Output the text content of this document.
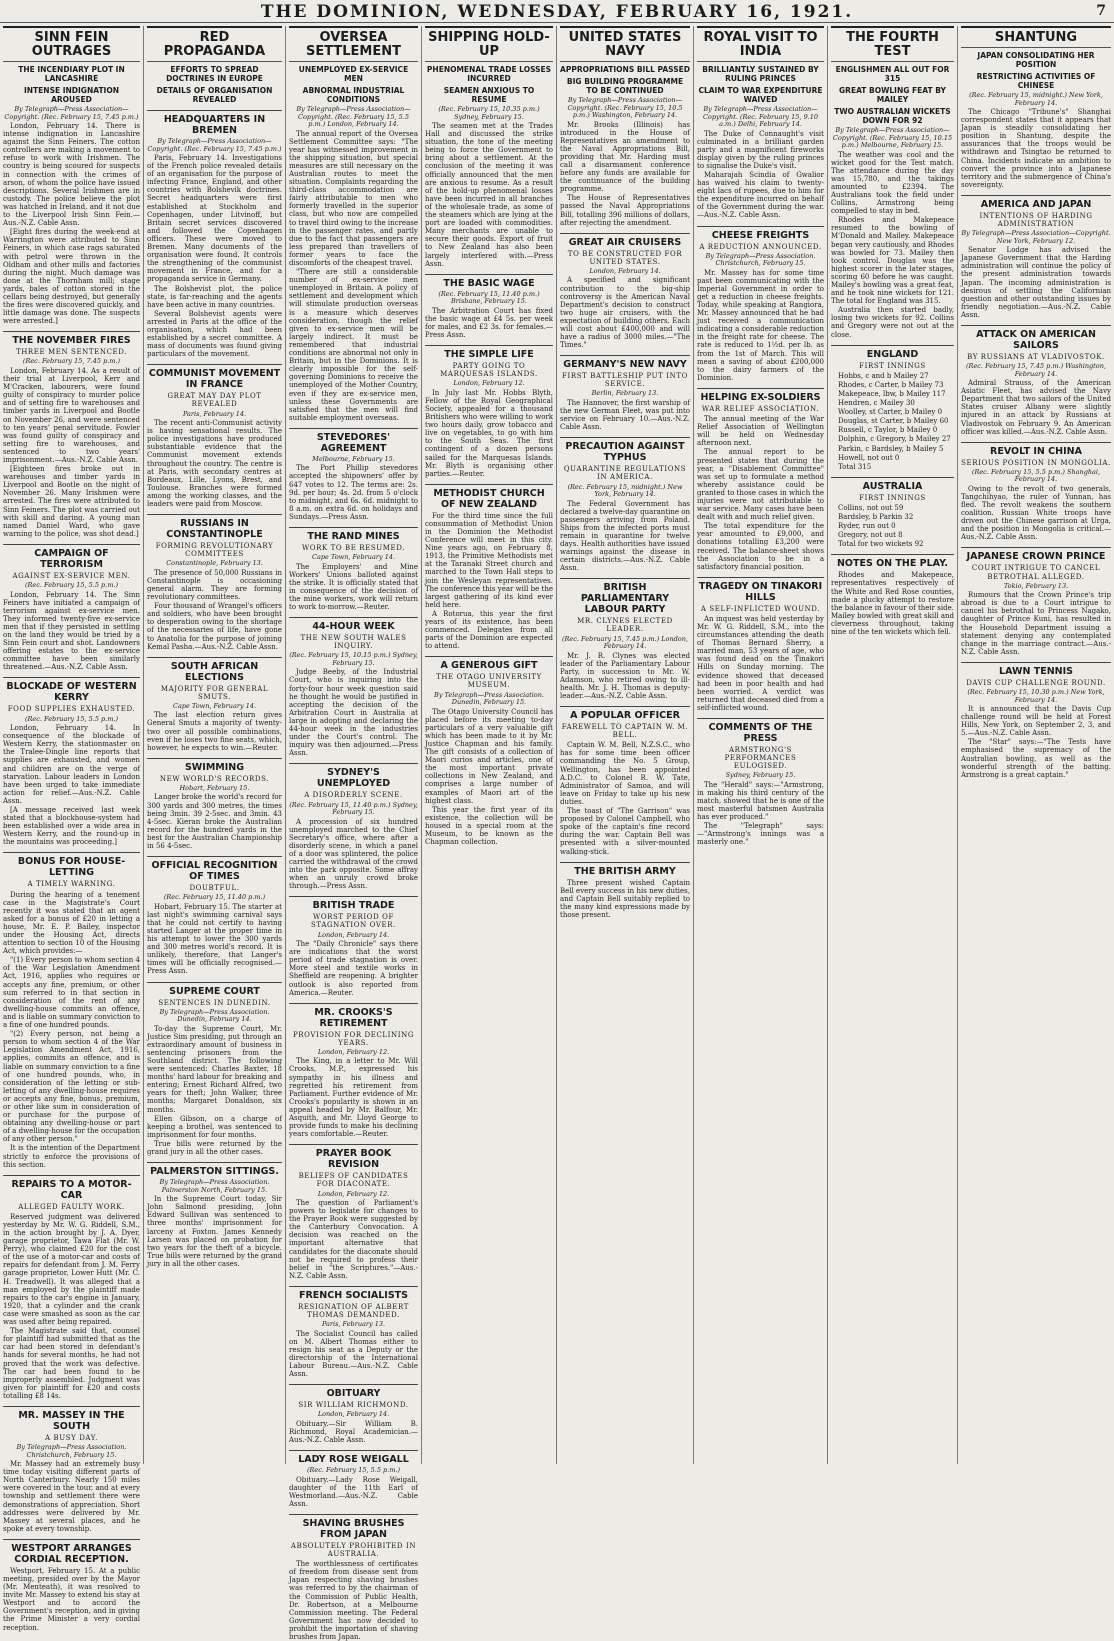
THE DOMINION, WEDNESDAY, FEBRUARY 16, 1921.	7
SINN FEIN OUTRAGES
THE INCENDIARY PLOT IN LANCASHIRE
INTENSE INDIGNATION AROUSED
By Telegraph—Press Association—Copyright. (Rec. February 15, 7.45 p.m.)

London, February 14. There is intense indignation in Lancashire against the Sinn Feiners. The cotton controllers are making a movement to refuse to work with Irishmen. The country is being scoured for suspects in connection with the crimes of arson, of whom the police have issued descriptions. Several Irishmen are in custody. The police believe the plot was hatched in Ireland, and it not due to the Liverpool Irish Sinn Fein.—Aus.-N.Z. Cable Assn.

[Eight fires during the week-end at Warrington were attributed to Sinn Feiners, in which case rags saturated with petrol were thrown in the Oldham and other mills and factories during the night. Much damage was done at the Thornham mill; stage yards, bales of cotton stored in the cellars being destroyed, but generally the fires were discovered quickly, and little damage was done. The suspects were arrested.]

THE NOVEMBER FIRES
THREE MEN SENTENCED.
(Rec. February 15, 7.45 p.m.)

London, February 14. As a result of their trial at Liverpool, Kerr and M'Cracken, labourers, were found guilty of conspiracy to murder police and of setting fire to warehouses and timber yards in Liverpool and Bootle on November 26, and were sentenced to ten years' penal servitude. Fowler was found guilty of conspiracy and setting fire to warehouses, and sentenced to two years' imprisonment.—Aus.-N.Z. Cable Assn.

[Eighteen fires broke out in warehouses and timber yards in Liverpool and Bootle on the night of November 26. Many Irishmen were arrested. The fires were attributed to Sinn Feiners. The plot was carried out with skill and daring. A young man named Daniel Ward, who gave warning to the police, was shot dead.]

CAMPAIGN OF TERRORISM
AGAINST EX-SERVICE MEN.
(Rec. February 15, 5.5 p.m.)

London, February 14. The Sinn Feiners have initiated a campaign of terrorism against ex-service men. They informed twenty-five ex-service men that if they persisted in settling on the land they would be tried by a Sinn Fein court and shot. Landowners offering estates to the ex-service committee have been similarly threatened.—Aus.-N.Z. Cable Assn.

BLOCKADE OF WESTERN KERRY
FOOD SUPPLIES EXHAUSTED.
(Rec. February 15, 5.5 p.m.)

London, February 14. In consequence of the blockade of Western Kerry, the stationmaster on the Tralee-Dingle line reports that supplies are exhausted, and women and children are on the verge of starvation. Labour leaders in London have been urged to take immediate action for relief.—Aus.-N.Z. Cable Assn.

[A message received last week stated that a blockhouse-system had been established over a wide area in Western Kerry, and the round-up in the mountains was proceeding.]

BONUS FOR HOUSE-LETTING
A TIMELY WARNING.

During the hearing of a tenement case in the Magistrate's Court recently it was stated that an agent asked for a bonus of £20 in letting a house, Mr. E. P. Bailey, inspector under the Housing Act, directs attention to section 10 of the Housing Act, which provides:—

"(1) Every person to whom section 4 of the War Legislation Amendment Act, 1916, applies who requires or accepts any fine, premium, or other sum referred to in that section in consideration of the rent of any dwelling-house commits an offence, and is liable on summary conviction to a fine of one hundred pounds.

"(2) Every person, not being a person to whom section 4 of the War Legislation Amendment Act, 1916, applies, commits an offence, and is liable on summary conviction to a fine of one hundred pounds, who, in consideration of the letting or sub-letting of any dwelling-house requires or accepts any fine, bonus, premium, or other like sum in consideration of or purchase for the purpose of obtaining any dwelling-house or part of a dwelling-house for the occupation of any other person."

It is the intention of the Department strictly to enforce the provisions of this section.

REPAIRS TO A MOTOR-CAR
ALLEGED FAULTY WORK.

Reserved judgment was delivered yesterday by Mr. W. G. Riddell, S.M., in the action brought by J. A. Dyer, garage proprietor, Tawa Flat (Mr. W. Perry), who claimed £20 for the cost of the use of a motor-car and costs of repairs for defendant from J. M. Ferry garage proprietor, Lower Hutt (Mr. C. H. Treadwell). It was alleged that a man employed by the plaintiff made repairs to the car's engine in January, 1920, that a cylinder and the crank case were smashed as soon as the car was used after being repaired.

The Magistrate said that, counsel for plaintiff had submitted that as the car had been stored in defendant's hands for several months, he had not proved that the work was defective. The car had been found to be improperly assembled. Judgment was given for plaintiff for £20 and costs totalling £8 14s.

MR. MASSEY IN THE SOUTH
A BUSY DAY.
By Telegraph—Press Association. Christchurch, February 15.

Mr. Massey had an extremely busy time today visiting different parts of North Canterbury. Nearly 150 miles were covered in the tour, and at every township and settlement there were demonstrations of appreciation. Short addresses were delivered by Mr. Massey at several places, and he spoke at every township.

WESTPORT ARRANGES CORDIAL RECEPTION.

Westport, February 15. At a public meeting, presided over by the Mayor (Mr. Menteath), it was resolved to invite Mr. Massey to extend his stay at Westport and to accord the Government's reception, and in giving the Prime Minister a very cordial reception.

RED PROPAGANDA
EFFORTS TO SPREAD DOCTRINES IN EUROPE
DETAILS OF ORGANISATION REVEALED
HEADQUARTERS IN BREMEN
By Telegraph—Press Association—Copyright. (Rec. February 15, 7.45 p.m.)

Paris, February 14. Investigations of the French police revealed details of an organisation for the purpose of infecting France, England, and other countries with Bolshevik doctrines. Secret headquarters were first established at Stockholm and Copenhagen, under Litvinoff, but Britain secret services discovered and followed the Copenhagen officers. These were moved to Bremen. Many documents of the organisation were found. It controls the strengthening of the communist movement in France, and for a propaganda service in Germany.

The Bolshevist plot, the police state, is far-reaching and the agents have been active in many countries.

Several Bolshevist agents were arrested in Paris at the office of the organisation, which had been established by a secret committee. A mass of documents was found giving particulars of the movement.

COMMUNIST MOVEMENT IN FRANCE
GREAT MAY DAY PLOT REVEALED
Paris, February 14.

The recent anti-Communist activity is having sensational results. The police investigations have produced substantiable evidence that the Communist movement extends throughout the country. The centre is at Paris, with secondary centres at Bordeaux, Lille, Lyons, Brest, and Toulouse. Branches were formed among the working classes, and the leaders were paid from Moscow.

RUSSIANS IN CONSTANTINOPLE
FORMING REVOLUTIONARY COMMITTEES
Constantinople, February 13.

The presence of 50,000 Russians in Constantinople is occasioning general alarm. They are forming revolutionary committees.

Four thousand of Wrangel's officers and soldiers, who have been brought to desperation owing to the shortage of the necessaries of life, have gone to Anatolia for the purpose of joining Kemal Pasha.—Aus.-N.Z. Cable Assn.

SOUTH AFRICAN ELECTIONS
MAJORITY FOR GENERAL SMUTS.
Cape Town, February 14.

The last election return gives General Smuts a majority of twenty-two over all possible combinations, even if he loses two fine seats, which, however, he expects to win.—Reuter.

SWIMMING
NEW WORLD'S RECORDS.
Hobart, February 15.

Langer broke the world's record for 300 yards and 300 metres, the times being 3min. 39 2-5sec. and 3min. 43 4-5sec. Kieran broke the Australian record for the hundred yards in the best for the Australian Championship in 56 4-5sec.

OFFICIAL RECOGNITION OF TIMES
DOUBTFUL.
(Rec. February 15, 11.40 p.m.)

Hobart, February 15. The starter at last night's swimming carnival says that he could not certify to having started Langer at the proper time in his attempt to lower the 300 yards and 300 metres world's record. It is unlikely, therefore, that Langer's times will be officially recognised.—Press Assn.

SUPREME COURT
SENTENCES IN DUNEDIN.
By Telegraph—Press Association. Dunedin, February 14.

To-day the Supreme Court, Mr. Justice Sim presiding, put through an extraordinary amount of business in sentencing prisoners from the Southland district. The following were sentenced: Charles Baxter, 18 months' hard labour for breaking and entering; Ernest Richard Alfred, two years for theft; John Walker, three months; Margaret Donaldson, six months.

Ellen Gibson, on a charge of keeping a brothel, was sentenced to imprisonment for four months.

True bills were returned by the grand jury in all the other cases.

PALMERSTON SITTINGS.
By Telegraph—Press Association. Palmerston North, February 15.

In the Supreme Court today, Sir John Salmond presiding, John Edward Sullivan was sentenced to three months' imprisonment for larceny at Foxton. James Kennedy Larsen was placed on probation for two years for the theft of a bicycle. True bills were returned by the grand jury in all the other cases.

OVERSEA SETTLEMENT
UNEMPLOYED EX-SERVICE MEN
ABNORMAL INDUSTRIAL CONDITIONS
By Telegraph—Press Association—Copyright. (Rec. February 15, 5.5 p.m.) London, February 14.

The annual report of the Oversea Settlement Committee says: "The year has witnessed improvement in the shipping situation, but special measures are still necessary on the Australian routes to meet the situation. Complaints regarding the third-class accommodation are fairly attributable to men who formerly travelled in the superior class, but who now are compelled to travel third owing to the increase in the passenger rates, and partly due to the fact that passengers are less prepared than travellers of former years to face the discomforts of the cheapest travel.

"There are still a considerable number of ex-service men unemployed in Britain. A policy of settlement and development which will stimulate production overseas is a measure which deserves consideration, though the relief given to ex-service men will be largely indirect. It must be remembered that industrial conditions are abnormal not only in Britain, but in the Dominions. It is clearly impossible for the self-governing Dominions to receive the unemployed of the Mother Country, even if they are ex-service men, unless these Governments are satisfied that the men will find suitable employment overseas.

STEVEDORES' AGREEMENT
Melbourne, February 15.

The Port Phillip stevedores accepted the shipowners' offer by 647 votes to 12. The terms are: 2s. 9d. per hour; 4s. 2d. from 5 o'clock to midnight, and 6s. 6d. midnight to 8 a.m. on extra 6d. on holidays and Sundays.—Press Assn.

THE RAND MINES
WORK TO BE RESUMED.
Cape Town, February 14.

The Employers' and Mine Workers' Unions balloted against the strike. It is officially stated that in consequence of the decision of the mine workers, work will return to work to-morrow.—Reuter.

44-HOUR WEEK
THE NEW SOUTH WALES INQUIRY.
(Rec. February 15, 10.15 p.m.) Sydney, February 15.

Judge Beeby, of the Industrial Court, who is inquiring into the forty-four hour week question said he thought he would be justified in accepting the decision of the Arbitration Court in Australia at large in adopting and declaring the 44-hour week in the industries under the Court's control. The inquiry was then adjourned.—Press Assn.

SYDNEY'S UNEMPLOYED
A DISORDERLY SCENE.
(Rec. February 15, 11.40 p.m.) Sydney, February 15.

A procession of six hundred unemployed marched to the Chief Secretary's office, where after a disorderly scene, in which a panel of a door was splintered, the police carried the withdrawal of the crowd into the park opposite. Some affray when an unruly crowd broke through.—Press Assn.

BRITISH TRADE
WORST PERIOD OF STAGNATION OVER.
London, February 14.

The "Daily Chronicle" says there are indications that the worst period of trade stagnation is over. More steel and textile works in Sheffield are reopening. A brighter outlook is also reported from America.—Reuter.

MR. CROOKS'S RETIREMENT
PROVISION FOR DECLINING YEARS.
London, February 12.

The King, in a letter to Mr. Will Crooks, M.P., expressed his sympathy in his illness and regretted his retirement from Parliament. Further evidence of Mr. Crooks's popularity is shown in an appeal headed by Mr. Balfour, Mr. Asquith, and Mr. Lloyd George to provide funds to make his declining years comfortable.—Reuter.

PRAYER BOOK REVISION
BELIEFS OF CANDIDATES FOR DIACONATE.
London, February 12.

The question of Parliament's powers to legislate for changes to the Prayer Book were suggested by the Canterbury Convocation. A decision was reached on the important alternative that candidates for the diaconate should not be required to profess their belief in "the Scriptures."—Aus.-N.Z. Cable Assn.

FRENCH SOCIALISTS
RESIGNATION OF ALBERT THOMAS DEMANDED.
Paris, February 13.

The Socialist Council has called on M. Albert Thomas either to resign his seat as a Deputy or the directorship of the International Labour Bureau.—Aus.-N.Z. Cable Assn.

OBITUARY
SIR WILLIAM RICHMOND.
London, February 14.

Obituary.—Sir William B. Richmond, Royal Academician.—Aus.-N.Z. Cable Assn.

LADY ROSE WEIGALL
(Rec. February 15, 5.5 p.m.)

Obituary.—Lady Rose Weigall, daughter of the 11th Earl of Westmorland.—Aus.-N.Z. Cable Assn.

SHAVING BRUSHES FROM JAPAN
ABSOLUTELY PROHIBITED IN AUSTRALIA.

The worthlessness of certificates of freedom from disease sent from Japan respecting shaving brushes was referred to by the chairman of the Commission of Public Health, Dr. Robertson, at a Melbourne Commission meeting. The Federal Government has now decided to prohibit the importation of shaving brushes from Japan.

SHIPPING HOLD-UP
PHENOMENAL TRADE LOSSES INCURRED
SEAMEN ANXIOUS TO RESUME
(Rec. February 15, 10.35 p.m.) Sydney, February 15.

The seamen met at the Trades Hall and discussed the strike situation, the tone of the meeting being to force the Government to bring about a settlement. At the conclusion of the meeting it was officially announced that the men are anxious to resume. As a result of the hold-up phenomenal losses have been incurred in all branches of the wholesale trade, as some of the steamers which are lying at the port are loaded with commodities. Many merchants are unable to secure their goods. Export of fruit to New Zealand has also been largely interfered with.—Press Assn.

THE BASIC WAGE
(Rec. February 15, 11.40 p.m.) Brisbane, February 15.

The Arbitration Court has fixed the basic wage at £4 5s. per week for males, and £2 3s. for females.—Press Assn.

THE SIMPLE LIFE
PARTY GOING TO MARQUESAS ISLANDS.
London, February 12.

In July last Mr. Hobbs Blyth, Fellow of the Royal Geographical Society, appealed for a thousand Britishers who were willing to work two hours daily, grow tobacco and live on vegetables, to go with him to the South Seas. The first contingent of a dozen persons sailed for the Marquesas Islands. Mr. Blyth is organising other parties.—Reuter.

METHODIST CHURCH OF NEW ZEALAND

For the third time since the full consummation of Methodist Union in the Dominion the Methodist Conference will meet in this city. Nine years ago, on February 8, 1913, the Primitive Methodists met at the Taranaki Street church and marched to the Town Hall steps to join the Wesleyan representatives. The conference this year will be the largest gathering of its kind ever held here.

A Rotorua, this year the first years of its existence, has been commenced. Delegates from all parts of the Dominion are expected to attend.

A GENEROUS GIFT
THE OTAGO UNIVERSITY MUSEUM.
By Telegraph—Press Association. Dunedin, February 15.

The Otago University Council has placed before its meeting to-day particulars of a very valuable gift which has been made to it by Mr. Justice Chapman and his family. The gift consists of a collection of Maori curios and articles, one of the most important private collections in New Zealand, and comprises a large number of examples of Maori art of the highest class.

This year the first year of its existence, the collection will be housed in a special room at the Museum, to be known as the Chapman collection.

UNITED STATES NAVY
APPROPRIATIONS BILL PASSED
BIG BUILDING PROGRAMME TO BE CONTINUED
By Telegraph—Press Association—Copyright. (Rec. February 15, 10.5 p.m.) Washington, February 14.

Mr. Brooks (Illinois) has introduced in the House of Representatives an amendment to the Naval Appropriations Bill, providing that Mr. Harding must call a disarmament conference before any funds are available for the continuance of the building programme.

The House of Representatives passed the Naval Appropriations Bill, totalling 396 millions of dollars, after rejecting the amendment.

GREAT AIR CRUISERS
TO BE CONSTRUCTED FOR UNITED STATES.
London, February 14.

A specified and significant contribution to the big-ship controversy is the American Naval Department's decision to construct two huge air cruisers, with the expectation of building others. Each will cost about £400,000 and will have a radius of 3000 miles.—"The Times."

GERMANY'S NEW NAVY
FIRST BATTLESHIP PUT INTO SERVICE.
Berlin, February 13.

The Hannover, the first warship of the new German Fleet, was put into service on February 10.—Aus.-N.Z. Cable Assn.

PRECAUTION AGAINST TYPHUS
QUARANTINE REGULATIONS IN AMERICA.
(Rec. February 15, midnight.) New York, February 14.

The Federal Government has declared a twelve-day quarantine on passengers arriving from Poland. Ships from the infected ports must remain in quarantine for twelve days. Health authorities have issued warnings against the disease in certain districts.—Aus.-N.Z. Cable Assn.

BRITISH PARLIAMENTARY LABOUR PARTY
MR. CLYNES ELECTED LEADER.
(Rec. February 15, 7.45 p.m.) London, February 14.

Mr. J. R. Clynes was elected leader of the Parliamentary Labour Party, in succession to Mr. W. Adamson, who retired owing to ill-health. Mr. J. H. Thomas is deputy-leader.—Aus.-N.Z. Cable Assn.

A POPULAR OFFICER
FAREWELL TO CAPTAIN W. M. BELL.

Captain W. M. Bell, N.Z.S.C., who has for some time been officer commanding the No. 5 Group, Wellington, has been appointed A.D.C. to Colonel R. W. Tate, Administrator of Samoa, and will leave on Friday to take up his new duties.

The toast of "The Garrison" was proposed by Colonel Campbell, who spoke of the captain's fine record during the war. Captain Bell was presented with a silver-mounted walking-stick.

THE BRITISH ARMY

Three present wished Captain Bell every success in his new duties, and Captain Bell suitably replied to the many kind expressions made by those present.

ROYAL VISIT TO INDIA
BRILLIANTLY SUSTAINED BY RULING PRINCES
CLAIM TO WAR EXPENDITURE WAIVED
By Telegraph—Press Association—Copyright. (Rec. February 15, 9.10 a.m.) Delhi, February 14.

The Duke of Connaught's visit culminated in a brilliant garden party and a magnificent fireworks display given by the ruling princes to signalise the Duke's visit.

Maharajah Scindia of Gwalior has waived his claim to twenty-eight lacs of rupees, due to him for the expenditure incurred on behalf of the Government during the war.—Aus.-N.Z. Cable Assn.

CHEESE FREIGHTS
A REDUCTION ANNOUNCED.
By Telegraph—Press Association. Christchurch, February 15.

Mr. Massey has for some time past been communicating with the Imperial Government in order to get a reduction in cheese freights. Today, while speaking at Rangiora, Mr. Massey announced that he had just received a communication indicating a considerable reduction in the freight rate for cheese. The rate is reduced to 1½d. per lb. as from the 1st of March. This will mean a saving of about £200,000 to the dairy farmers of the Dominion.

HELPING EX-SOLDIERS
WAR RELIEF ASSOCIATION.

The annual meeting of the War Relief Association of Wellington will be held on Wednesday afternoon next.

The annual report to be presented states that during the year, a "Disablement Committee" was set up to formulate a method whereby assistance could be granted to those cases in which the injuries were not attributable to war service. Many cases have been dealt with and much relief given.

The total expenditure for the year amounted to £9,000, and donations totalling £3,200 were received. The balance-sheet shows the Association to be in a satisfactory financial position.

TRAGEDY ON TINAKORI HILLS
A SELF-INFLICTED WOUND.

An inquest was held yesterday by Mr. W. G. Riddell, S.M., into the circumstances attending the death of Thomas Bernard Sherry, a married man, 53 years of age, who was found dead on the Tinakori Hills on Sunday morning. The evidence showed that deceased had been in poor health and had been worried. A verdict was returned that deceased died from a self-inflicted wound.

COMMENTS OF THE PRESS
ARMSTRONG'S PERFORMANCES EULOGISED.
Sydney, February 15.

The "Herald" says:—"Armstrong, in making his third century of the match, showed that he is one of the most masterful batsmen Australia has ever produced."

The "Telegraph" says:—"Armstrong's innings was a masterly one."

THE FOURTH TEST
ENGLISHMEN ALL OUT FOR 315
GREAT BOWLING FEAT BY MAILEY
TWO AUSTRALIAN WICKETS DOWN FOR 92
By Telegraph—Press Association—Copyright. (Rec. February 15, 10.15 p.m.) Melbourne, February 15.

The weather was cool and the wicket good for the Test match. The attendance during the day was 15,780, and the takings amounted to £2394. The Australians took the field under Collins, Armstrong being compelled to stay in bed.

Rhodes and Makepeace resumed to the bowling of M'Donald and Mailey. Makepeace began very cautiously, and Rhodes was bowled for 73. Mailey then took control. Douglas was the highest scorer in the later stages, scoring 60 before he was caught. Mailey's bowling was a great feat, and he took nine wickets for 121. The total for England was 315.

Australia then started badly, losing two wickets for 92. Collins and Gregory were not out at the close.

ENGLAND
FIRST INNINGS

Hobbs, c and b Mailey 27

Rhodes, c Carter, b Mailey 73

Makepeace, lbw, b Mailey 117

Hendren, c Mailey 30

Woolley, st Carter, b Mailey 0

Douglas, st Carter, b Mailey 60

Russell, c Taylor, b Mailey 0

Dolphin, c Gregory, b Mailey 27

Parkin, c Bardsley, b Mailey 5

Howell, not out 0

Total 315

AUSTRALIA
FIRST INNINGS

Collins, not out 59

Bardsley, b Parkin 32

Ryder, run out 0

Gregory, not out 8

Total for two wickets 92

NOTES ON THE PLAY.

Rhodes and Makepeace, representatives respectively of the White and Red Rose counties, made a plucky attempt to restore the balance in favour of their side. Mailey bowled with great skill and cleverness throughout, taking nine of the ten wickets which fell.

SHANTUNG
JAPAN CONSOLIDATING HER POSITION
RESTRICTING ACTIVITIES OF CHINESE
(Rec. February 15, midnight.) New York, February 14.

The Chicago "Tribune's" Shanghai correspondent states that it appears that Japan is steadily consolidating her position in Shantung, despite the assurances that the troops would be withdrawn and Tsingtao be returned to China. Incidents indicate an ambition to convert the province into a Japanese territory and the submergence of China's sovereignty.

AMERICA AND JAPAN
INTENTIONS OF HARDING ADMINISTRATION
By Telegraph—Press Association—Copyright. New York, February 12.

Senator Lodge has advised the Japanese Government that the Harding administration will continue the policy of the present administration towards Japan. The incoming administration is desirous of settling the Californian question and other outstanding issues by friendly negotiation.—Aus.-N.Z. Cable Assn.

ATTACK ON AMERICAN SAILORS
BY RUSSIANS AT VLADIVOSTOK.
(Rec. February 15, 7.45 p.m.) Washington, February 14.

Admiral Strauss, of the American Asiatic Fleet, has advised the Navy Department that two sailors of the United States cruiser Albany were slightly injured in an attack by Russians at Vladivostok on February 9. An American officer was killed.—Aus.-N.Z. Cable Assn.

REVOLT IN CHINA
SERIOUS POSITION IN MONGOLIA.
(Rec. February 15, 5.5 p.m.) Shanghai, February 14.

Owing to the revolt of two generals, Tangchihyao, the ruler of Yunnan, has fled. The revolt weakens the southern coalition. Russian White troops have driven out the Chinese garrison at Urga, and the position in Mongolia is critical.—Aus.-N.Z. Cable Assn.

JAPANESE CROWN PRINCE
COURT INTRIGUE TO CANCEL BETROTHAL ALLEGED.
Tokio, February 13.

Rumours that the Crown Prince's trip abroad is due to a Court intrigue to cancel his betrothal to Princess Nagako, daughter of Prince Kuni, has resulted in the Household Department issuing a statement denying any contemplated change in the marriage contract.—Aus.-N.Z. Cable Assn.

LAWN TENNIS
DAVIS CUP CHALLENGE ROUND.
(Rec. February 15, 10.30 p.m.) New York, February 14.

It is announced that the Davis Cup challenge round will be held at Forest Hills, New York, on September 2, 3, and 5.—Aus.-N.Z. Cable Assn.

The "Star" says:—"The Tests have emphasised the supremacy of the Australian bowling, as well as the wonderful strength of the batting. Armstrong is a great captain."
